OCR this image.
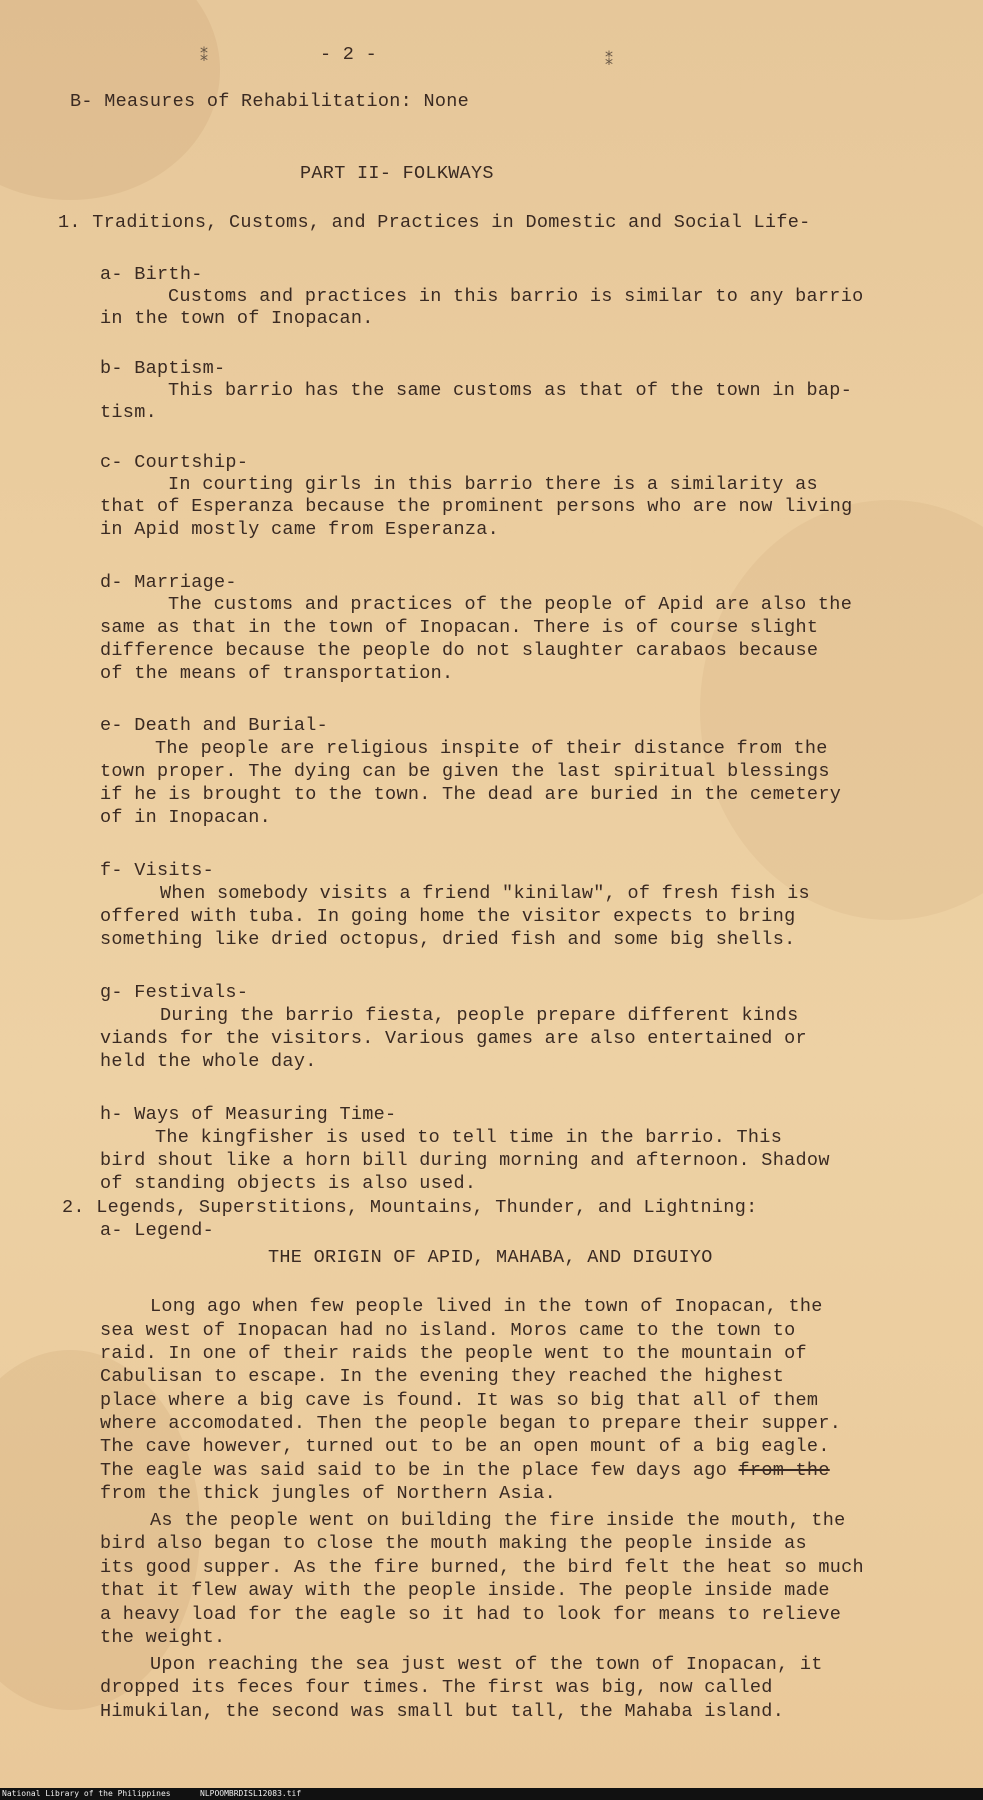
⁑	⁑
- 2 -
B- Measures of Rehabilitation: None
PART II- FOLKWAYS
1. Traditions, Customs, and Practices in Domestic and Social Life-
a- Birth-
Customs and practices in this barrio is similar to any barrio
in the town of Inopacan.
b- Baptism-
This barrio has the same customs as that of the town in bap-
tism.
c- Courtship-
In courting girls in this barrio there is a similarity as
that of Esperanza because the prominent persons who are now living
in Apid mostly came from Esperanza.
d- Marriage-
The customs and practices of the people of Apid are also the
same as that in the town of Inopacan. There is of course slight
difference because the people do not slaughter carabaos because
of the means of transportation.
e- Death and Burial-
The people are religious inspite of their distance from the
town proper. The dying can be given the last spiritual blessings
if he is brought to the town. The dead are buried in the cemetery
of in Inopacan.
f- Visits-
When somebody visits a friend "kinilaw", of fresh fish is
offered with tuba. In going home the visitor expects to bring
something like dried octopus, dried fish and some big shells.
g- Festivals-
During the barrio fiesta, people prepare different kinds
viands for the visitors. Various games are also entertained or
held the whole day.
h- Ways of Measuring Time-
The kingfisher is used to tell time in the barrio. This
bird shout like a horn bill during morning and afternoon. Shadow
of standing objects is also used.
2. Legends, Superstitions, Mountains, Thunder, and Lightning:
a- Legend-
THE ORIGIN OF APID, MAHABA, AND DIGUIYO
Long ago when few people lived in the town of Inopacan, the
sea west of Inopacan had no island. Moros came to the town to
raid. In one of their raids the people went to the mountain of
Cabulisan to escape. In the evening they reached the highest
place where a big cave is found. It was so big that all of them
where accomodated. Then the people began to prepare their supper.
The cave however, turned out to be an open mount of a big eagle.
The eagle was said said to be in the place few days ago from the
from the thick jungles of Northern Asia.
As the people went on building the fire inside the mouth, the
bird also began to close the mouth making the people inside as
its good supper. As the fire burned, the bird felt the heat so much
that it flew away with the people inside. The people inside made
a heavy load for the eagle so it had to look for means to relieve
the weight.
Upon reaching the sea just west of the town of Inopacan, it
dropped its feces four times. The first was big, now called
Himukilan, the second was small but tall, the Mahaba island.
National Library of the Philippines	NLPOOMBRDISL12083.tif
